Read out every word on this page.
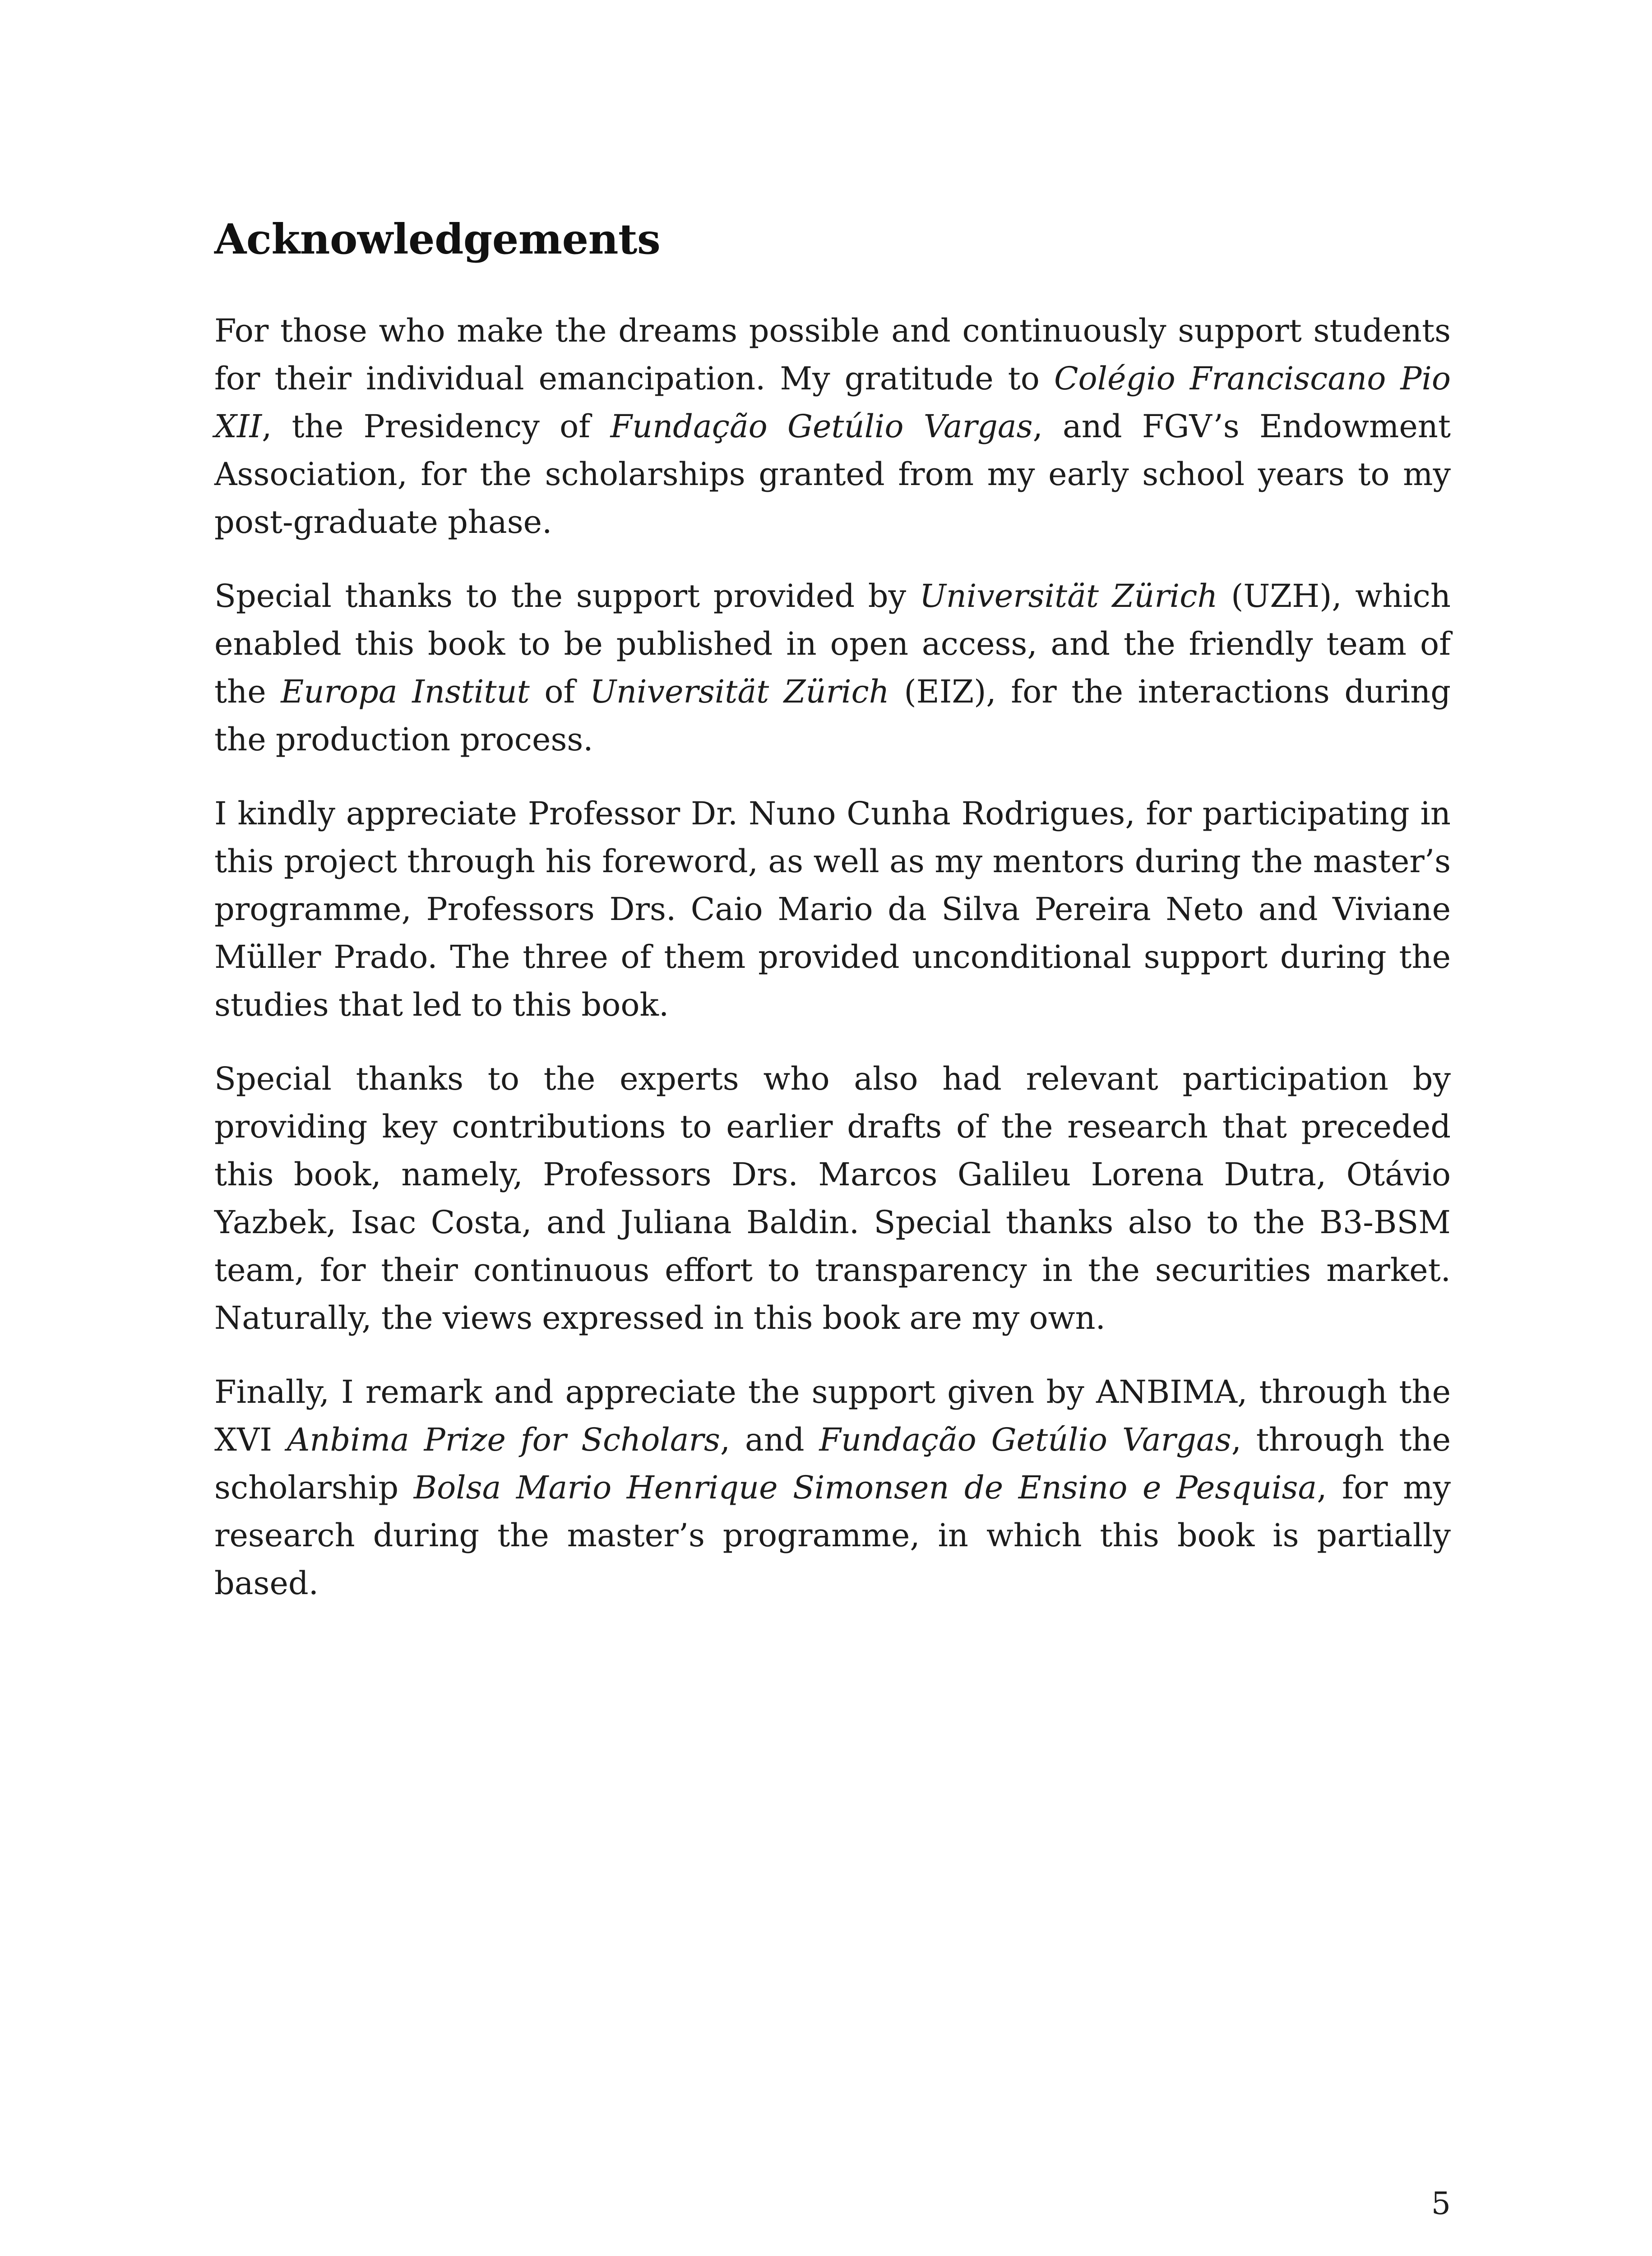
Acknowledgements

For those who make the dreams possible and continuously support students for their individual emancipation. My gratitude to Colégio Franciscano Pio XII, the Presidency of Fundação Getúlio Vargas, and FGV’s Endowment Association, for the scholarships granted from my early school years to my post-graduate phase.

Special thanks to the support provided by Universität Zürich (UZH), which enabled this book to be published in open access, and the friendly team of the Europa Institut of Universität Zürich (EIZ), for the interactions during the production process.

I kindly appreciate Professor Dr. Nuno Cunha Rodrigues, for participating in this project through his foreword, as well as my mentors during the master’s programme, Professors Drs. Caio Mario da Silva Pereira Neto and Viviane Müller Prado. The three of them provided unconditional support during the studies that led to this book.

Special thanks to the experts who also had relevant participation by providing key contributions to earlier drafts of the research that preceded this book, namely, Professors Drs. Marcos Galileu Lorena Dutra, Otávio Yazbek, Isac Costa, and Juliana Baldin. Special thanks also to the B3-BSM team, for their continuous effort to transparency in the securities market. Naturally, the views expressed in this book are my own.

Finally, I remark and appreciate the support given by ANBIMA, through the XVI Anbima Prize for Scholars, and Fundação Getúlio Vargas, through the scholarship Bolsa Mario Henrique Simonsen de Ensino e Pesquisa, for my research during the master’s programme, in which this book is partially based.

5
